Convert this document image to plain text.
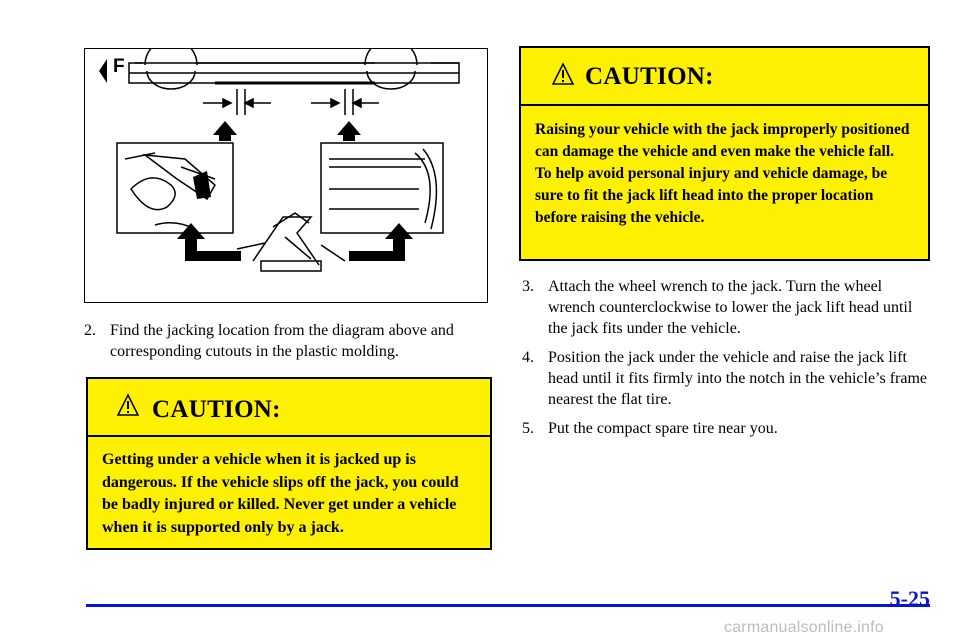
F
2. Find the jacking location from the diagram above and corresponding cutouts in the plastic molding.
CAUTION:
Getting under a vehicle when it is jacked up is dangerous. If the vehicle slips off the jack, you could be badly injured or killed. Never get under a vehicle when it is supported only by a jack.
CAUTION:
Raising your vehicle with the jack improperly positioned can damage the vehicle and even make the vehicle fall. To help avoid personal injury and vehicle damage, be sure to fit the jack lift head into the proper location before raising the vehicle.
3. Attach the wheel wrench to the jack. Turn the wheel wrench counterclockwise to lower the jack lift head until the jack fits under the vehicle.
4. Position the jack under the vehicle and raise the jack lift head until it fits firmly into the notch in the vehicle’s frame nearest the flat tire.
5. Put the compact spare tire near you.
5-25
carmanualsonline.info
